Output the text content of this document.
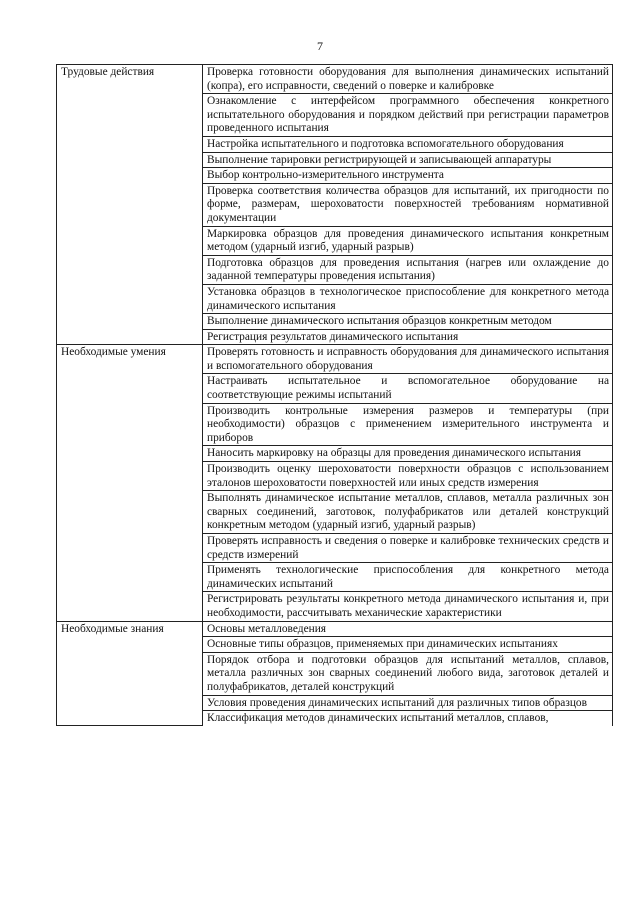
7
Трудовые действия	Проверка готовности оборудования для выполнения динамических испытаний (копра), его исправности, сведений о поверке и калибровке
	Ознакомление с интерфейсом программного обеспечения конкретного испытательного оборудования и порядком действий при регистрации параметров проведенного испытания
	Настройка испытательного и подготовка вспомогательного оборудования
	Выполнение тарировки регистрирующей и записывающей аппаратуры
	Выбор контрольно-измерительного инструмента
	Проверка соответствия количества образцов для испытаний, их пригодности по форме, размерам, шероховатости поверхностей требованиям нормативной документации
	Маркировка образцов для проведения динамического испытания конкретным методом (ударный изгиб, ударный разрыв)
	Подготовка образцов для проведения испытания (нагрев или охлаждение до заданной температуры проведения испытания)
	Установка образцов в технологическое приспособление для конкретного метода динамического испытания
	Выполнение динамического испытания образцов конкретным методом
	Регистрация результатов динамического испытания
Необходимые умения	Проверять готовность и исправность оборудования для динамического испытания и вспомогательного оборудования
	Настраивать испытательное и вспомогательное оборудование на соответствующие режимы испытаний
	Производить контрольные измерения размеров и температуры (при необходимости) образцов с применением измерительного инструмента и приборов
	Наносить маркировку на образцы для проведения динамического испытания
	Производить оценку шероховатости поверхности образцов с использованием эталонов шероховатости поверхностей или иных средств измерения
	Выполнять динамическое испытание металлов, сплавов, металла различных зон сварных соединений, заготовок, полуфабрикатов или деталей конструкций конкретным методом (ударный изгиб, ударный разрыв)
	Проверять исправность и сведения о поверке и калибровке технических средств и средств измерений
	Применять технологические приспособления для конкретного метода динамических испытаний
	Регистрировать результаты конкретного метода динамического испытания и, при необходимости, рассчитывать механические характеристики
Необходимые знания	Основы металловедения
	Основные типы образцов, применяемых при динамических испытаниях
	Порядок отбора и подготовки образцов для испытаний металлов, сплавов, металла различных зон сварных соединений любого вида, заготовок деталей и полуфабрикатов, деталей конструкций
	Условия проведения динамических испытаний для различных типов образцов
	Классификация методов динамических испытаний металлов, сплавов,
